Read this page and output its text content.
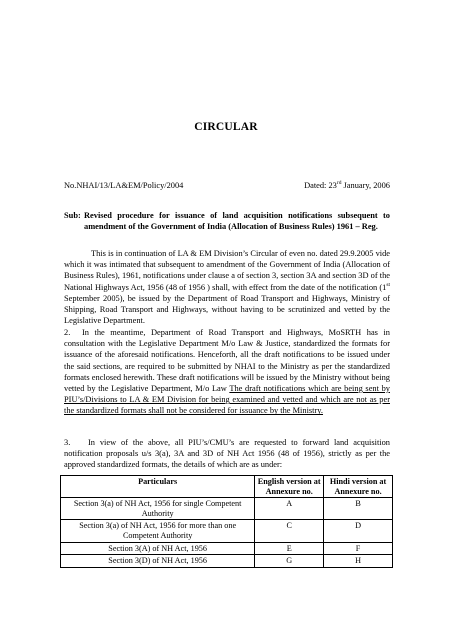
CIRCULAR
No.NHAI/13/LA&EM/Policy/2004	Dated: 23rd January, 2006
Sub: Revised procedure for issuance of land acquisition notifications subsequent to amendment of the Government of India (Allocation of Business Rules) 1961 – Reg.
This is in continuation of LA & EM Division’s Circular of even no. dated 29.9.2005 vide which it was intimated that subsequent to amendment of the Government of India (Allocation of Business Rules), 1961, notifications under clause a of section 3, section 3A and section 3D of the National Highways Act, 1956 (48 of 1956 ) shall, with effect from the date of the notification (1st September 2005), be issued by the Department of Road Transport and Highways, Ministry of Shipping, Road Transport and Highways, without having to be scrutinized and vetted by the Legislative Department.
2. In the meantime, Department of Road Transport and Highways, MoSRTH has in consultation with the Legislative Department M/o Law & Justice, standardized the formats for issuance of the aforesaid notifications. Henceforth, all the draft notifications to be issued under the said sections, are required to be submitted by NHAI to the Ministry as per the standardized formats enclosed herewith. These draft notifications will be issued by the Ministry without being vetted by the Legislative Department, M/o Law The draft notifications which are being sent by PIU’s/Divisions to LA & EM Division for being examined and vetted and which are not as per the standardized formats shall not be considered for issuance by the Ministry.
3. In view of the above, all PIU’s/CMU’s are requested to forward land acquisition notification proposals u/s 3(a), 3A and 3D of NH Act 1956 (48 of 1956), strictly as per the approved standardized formats, the details of which are as under:
Particulars	English version at Annexure no.	Hindi version at Annexure no.
Section 3(a) of NH Act, 1956 for single Competent Authority	A	B
Section 3(a) of NH Act, 1956 for more than one Competent Authority	C	D
Section 3(A) of NH Act, 1956	E	F
Section 3(D) of NH Act, 1956	G	H
